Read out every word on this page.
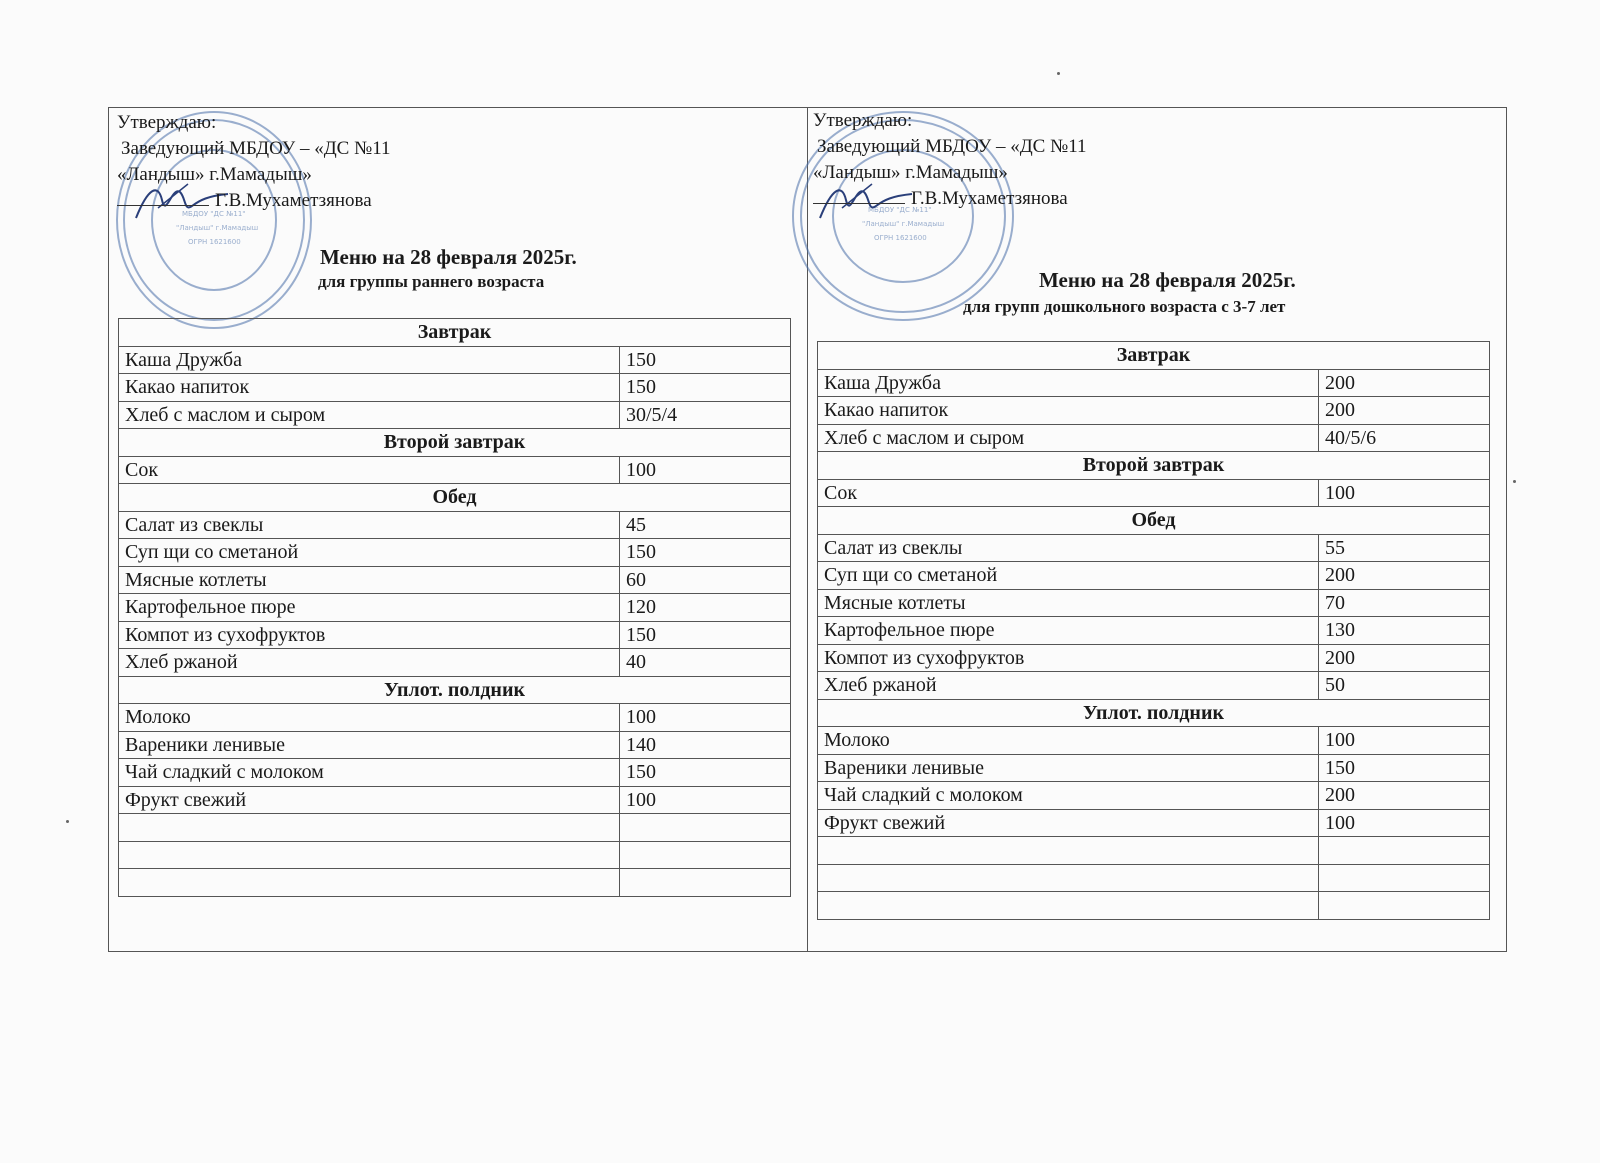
МБДОУ "ДС №11"
"Ландыш" г.Мамадыш
ОГРН 1621600
Утверждаю:
Заведующий МБДОУ – «ДС №11
«Ландыш» г.Мамадыш»
Г.В.Мухаметзянова
Меню на 28 февраля 2025г.
для группы раннего возраста
Завтрак	
Каша Дружба	150
Какао напиток	150
Хлеб с маслом и сыром	30/5/4
Второй завтрак	
Сок	100
Обед	
Салат из свеклы	45
Суп щи со сметаной	150
Мясные котлеты	60
Картофельное пюре	120
Компот из сухофруктов	150
Хлеб ржаной	40
Уплот. полдник	
Молоко	100
Вареники ленивые	140
Чай сладкий с молоком	150
Фрукт свежий	100

МБДОУ "ДС №11"
"Ландыш" г.Мамадыш
ОГРН 1621600
Утверждаю:
Заведующий МБДОУ – «ДС №11
«Ландыш» г.Мамадыш»
Г.В.Мухаметзянова
Меню на 28 февраля 2025г.
для групп дошкольного возраста с 3-7 лет
Завтрак	
Каша Дружба	200
Какао напиток	200
Хлеб с маслом и сыром	40/5/6
Второй завтрак	
Сок	100
Обед	
Салат из свеклы	55
Суп щи со сметаной	200
Мясные котлеты	70
Картофельное пюре	130
Компот из сухофруктов	200
Хлеб ржаной	50
Уплот. полдник	
Молоко	100
Вареники ленивые	150
Чай сладкий с молоком	200
Фрукт свежий	100
